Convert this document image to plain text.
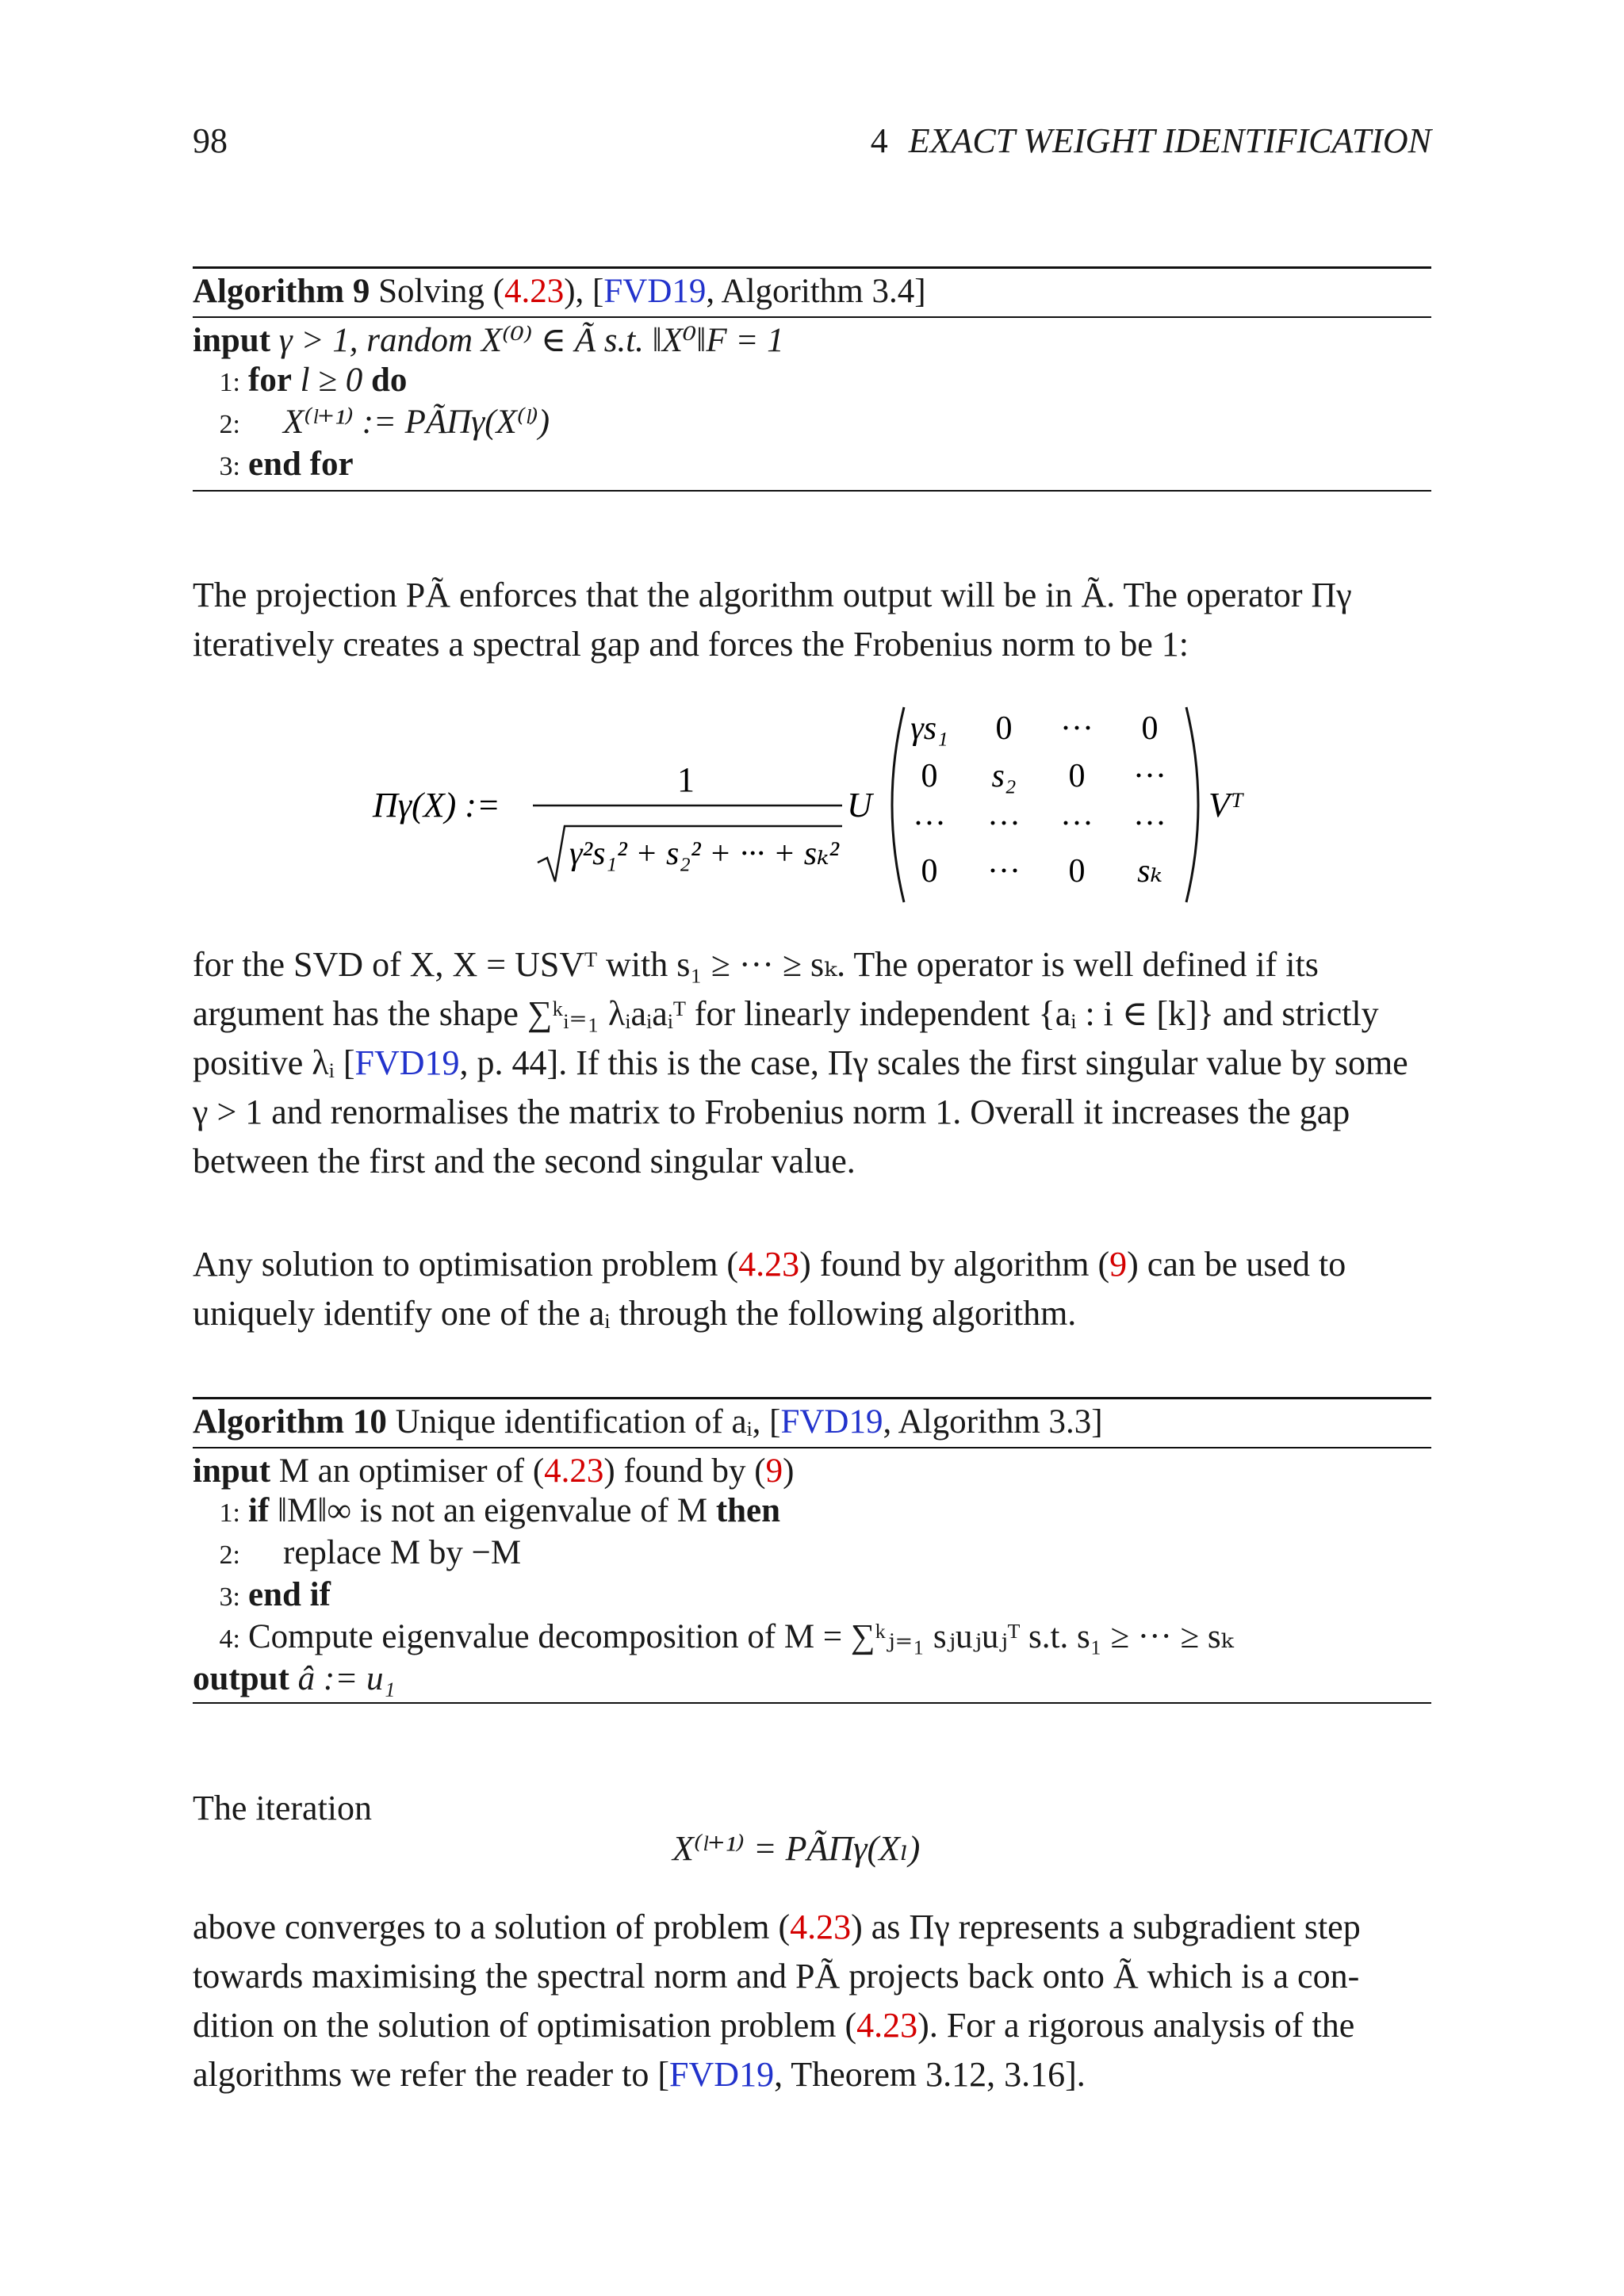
98	4 EXACT WEIGHT IDENTIFICATION
Algorithm 9 Solving (4.23), [FVD19, Algorithm 3.4]
input γ > 1, random X⁽⁰⁾ ∈ Ã s.t. ‖X⁰‖F = 1
1: for l ≥ 0 do
2: X⁽ˡ⁺¹⁾ := PÃΠγ(X⁽ˡ⁾)
3: end for
The projection PÃ enforces that the algorithm output will be in Ã. The operator Πγ
iteratively creates a spectral gap and forces the Frobenius norm to be 1:
Πγ(X) :=
1
γ²s₁² + s₂² + ··· + sₖ²
U
γs₁ 0 ··· 0
0 s₂ 0 ···
··· ··· ··· ···
0 ··· 0 sₖ
Vᵀ
for the SVD of X, X = USVᵀ with s₁ ≥ ··· ≥ sₖ. The operator is well defined if its
argument has the shape ∑ᵏᵢ₌₁ λᵢaᵢaᵢᵀ for linearly independent {aᵢ : i ∈ [k]} and strictly
positive λᵢ [FVD19, p. 44]. If this is the case, Πγ scales the first singular value by some
γ > 1 and renormalises the matrix to Frobenius norm 1. Overall it increases the gap
between the first and the second singular value.
Any solution to optimisation problem (4.23) found by algorithm (9) can be used to
uniquely identify one of the aᵢ through the following algorithm.
Algorithm 10 Unique identification of aᵢ, [FVD19, Algorithm 3.3]
input M an optimiser of (4.23) found by (9)
1: if ‖M‖∞ is not an eigenvalue of M then
2: replace M by −M
3: end if
4: Compute eigenvalue decomposition of M = ∑ᵏⱼ₌₁ sⱼuⱼuⱼᵀ s.t. s₁ ≥ ··· ≥ sₖ
output â := u₁
The iteration
X⁽ˡ⁺¹⁾ = PÃΠγ(Xₗ)
above converges to a solution of problem (4.23) as Πγ represents a subgradient step
towards maximising the spectral norm and PÃ projects back onto Ã which is a con-
dition on the solution of optimisation problem (4.23). For a rigorous analysis of the
algorithms we refer the reader to [FVD19, Theorem 3.12, 3.16].
